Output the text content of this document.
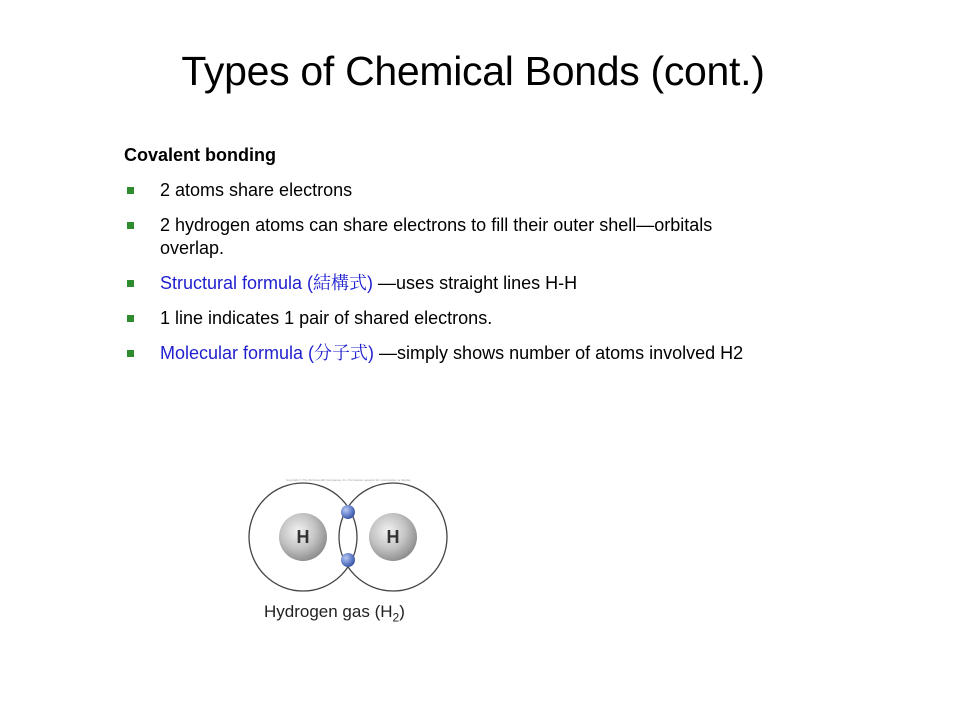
Types of Chemical Bonds (cont.)
Covalent bonding
2 atoms share electrons
2 hydrogen atoms can share electrons to fill their outer shell—orbitals overlap.
Structural formula (結構式) —uses straight lines H-H
1 line indicates 1 pair of shared electrons.
Molecular formula (分子式) —simply shows number of atoms involved H2
Copyright © The McGraw-Hill Companies, Inc. Permission required for reproduction or display.
H	H
Hydrogen gas $(H_2)$
